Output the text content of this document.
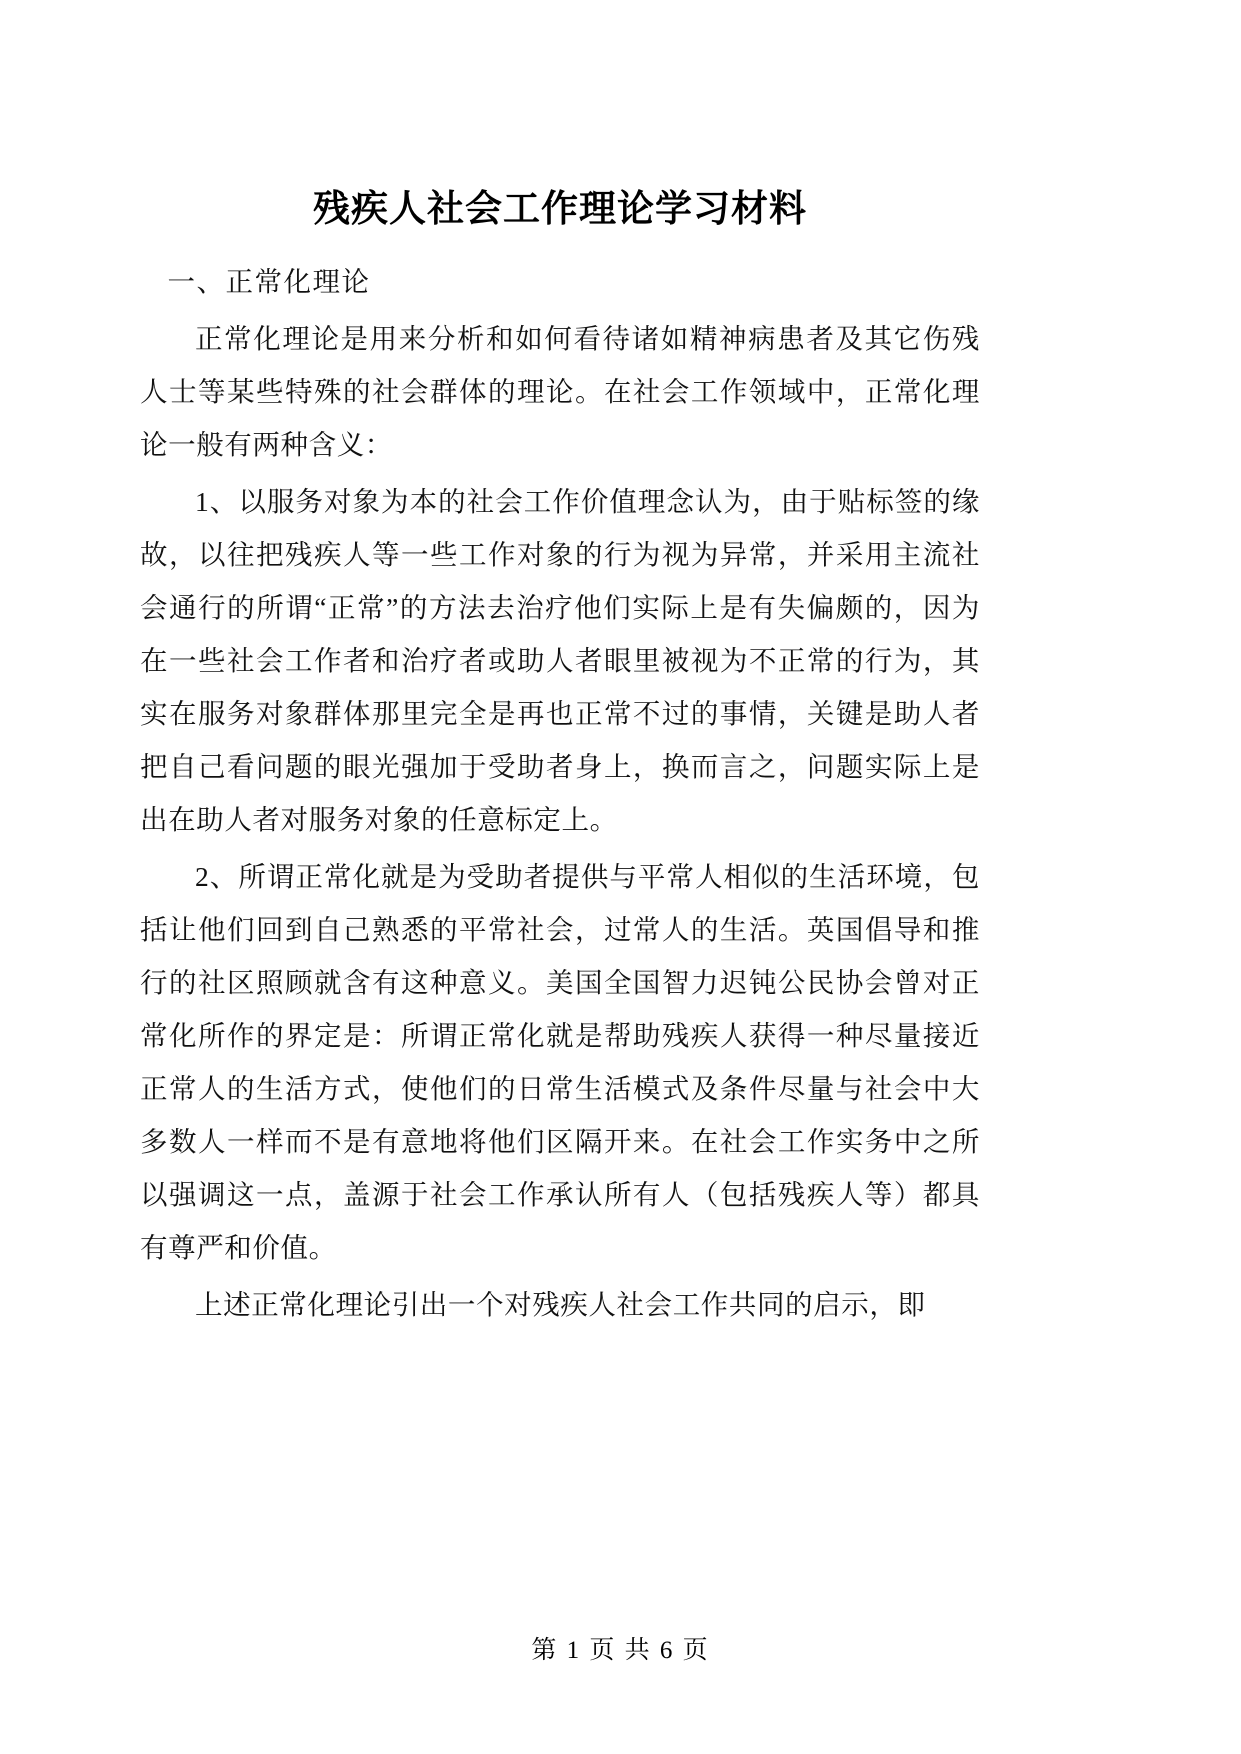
残疾人社会工作理论学习材料

一、正常化理论

正常化理论是用来分析和如何看待诸如精神病患者及其它伤残人士等某些特殊的社会群体的理论。在社会工作领域中，正常化理论一般有两种含义：

1、以服务对象为本的社会工作价值理念认为，由于贴标签的缘故，以往把残疾人等一些工作对象的行为视为异常，并采用主流社会通行的所谓“正常”的方法去治疗他们实际上是有失偏颇的，因为在一些社会工作者和治疗者或助人者眼里被视为不正常的行为，其实在服务对象群体那里完全是再也正常不过的事情，关键是助人者把自己看问题的眼光强加于受助者身上，换而言之，问题实际上是出在助人者对服务对象的任意标定上。

2、所谓正常化就是为受助者提供与平常人相似的生活环境，包括让他们回到自己熟悉的平常社会，过常人的生活。英国倡导和推行的社区照顾就含有这种意义。美国全国智力迟钝公民协会曾对正常化所作的界定是：所谓正常化就是帮助残疾人获得一种尽量接近正常人的生活方式，使他们的日常生活模式及条件尽量与社会中大多数人一样而不是有意地将他们区隔开来。在社会工作实务中之所以强调这一点，盖源于社会工作承认所有人（包括残疾人等）都具有尊严和价值。

上述正常化理论引出一个对残疾人社会工作共同的启示，即

第 1 页 共 6 页
